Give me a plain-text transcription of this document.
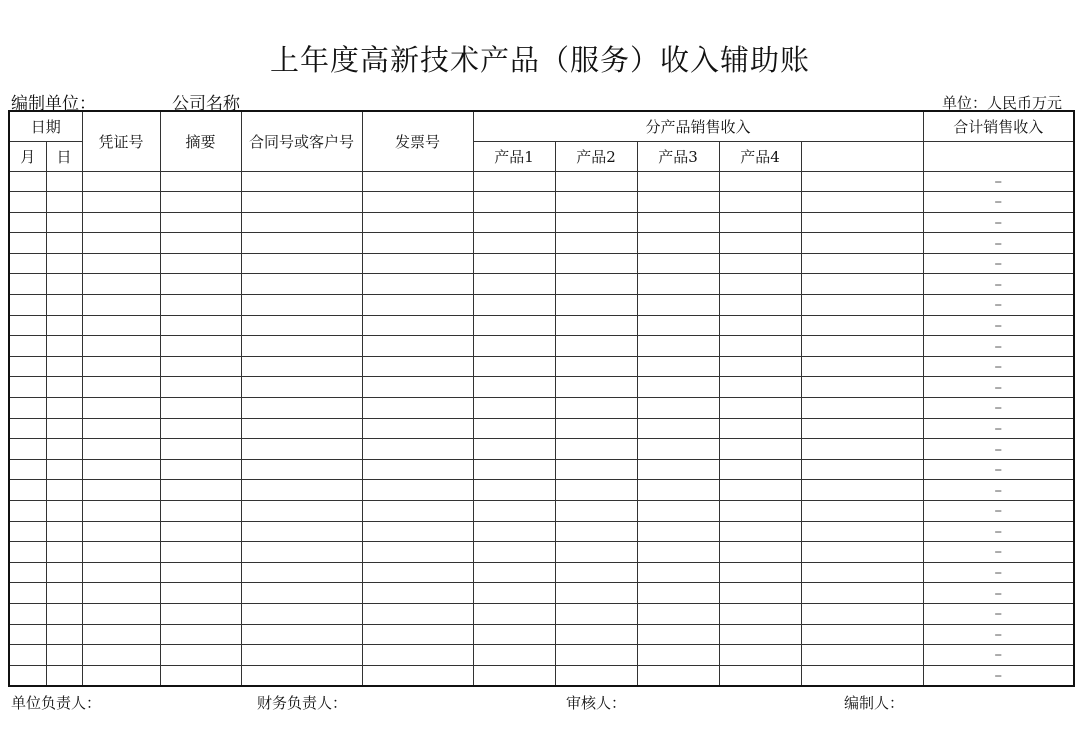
上年度高新技术产品（服务）收入辅助账
编制单位：	公司名称	单位：人民币万元
日期		凭证号	摘要	合同号或客户号	发票号	分产品销售收入					合计销售收入
月	日					产品1	产品2	产品3	产品4		
											–
											–
											–
											–
											–
											–
											–
											–
											–
											–
											–
											–
											–
											–
											–
											–
											–
											–
											–
											–
											–
											–
											–
											–
											–
单位负责人：	财务负责人：	审核人：	编制人：
